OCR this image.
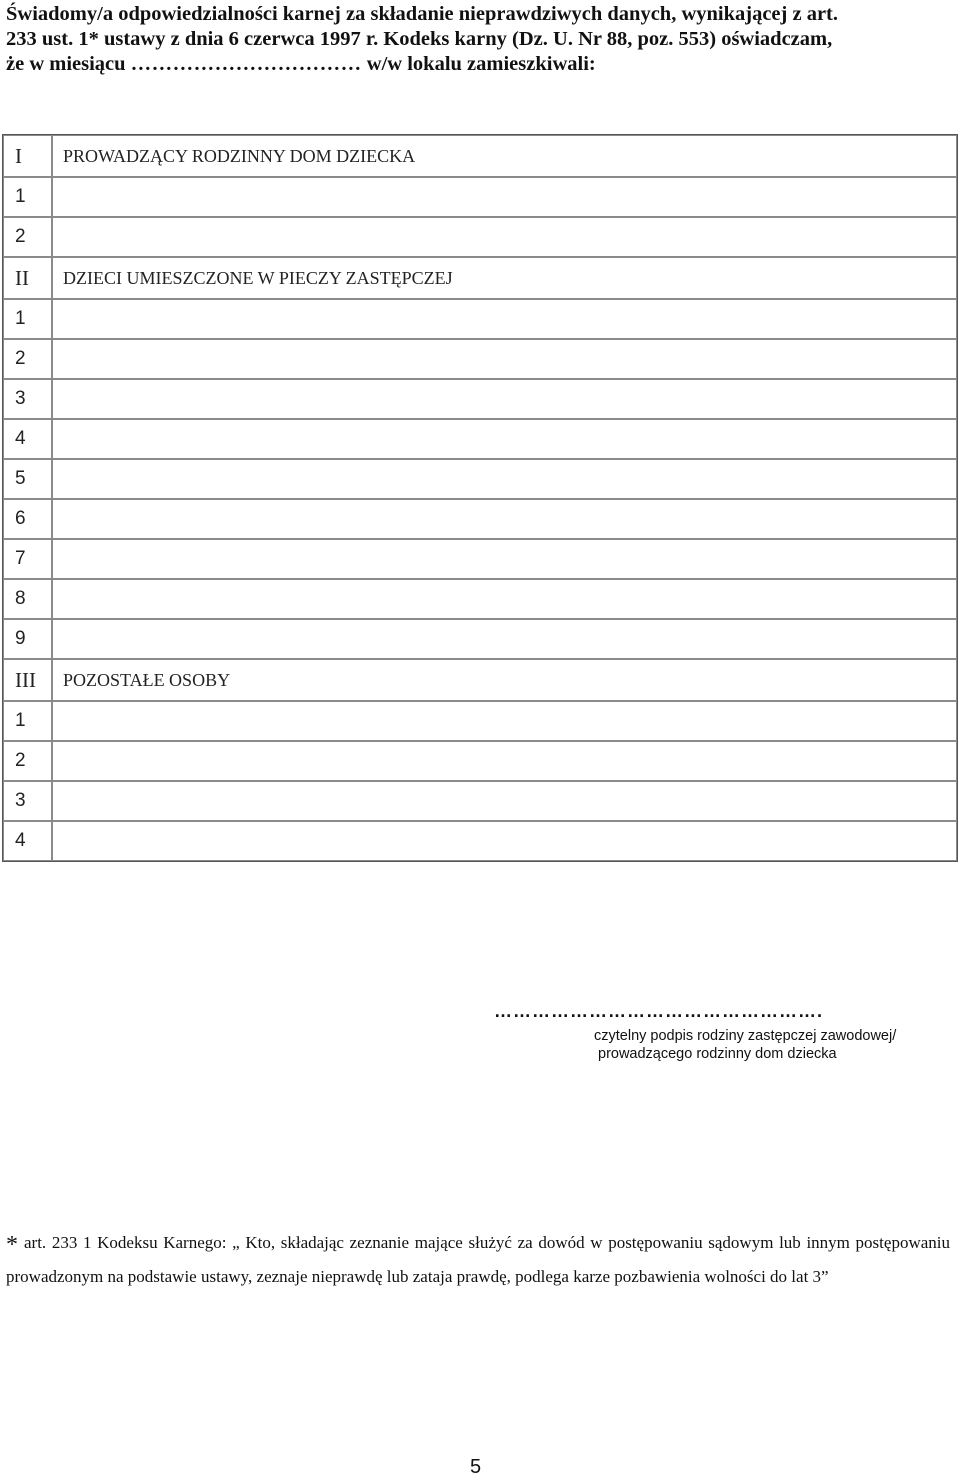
Świadomy/a odpowiedzialności karnej za składanie nieprawdziwych danych, wynikającej z art.
233 ust. 1* ustawy z dnia 6 czerwca 1997 r. Kodeks karny (Dz. U. Nr 88, poz. 553) oświadczam,
że w miesiącu …………………………… w/w lokalu zamieszkiwali:
I	PROWADZĄCY RODZINNY DOM DZIECKA
1	
2	
II	DZIECI UMIESZCZONE W PIECZY ZASTĘPCZEJ
1	
2	
3	
4	
5	
6	
7	
8	
9	
III	POZOSTAŁE OSOBY
1	
2	
3	
4	
…………………………………………….
czytelny podpis rodziny zastępczej zawodowej/
prowadzącego rodzinny dom dziecka
* art. 233 1 Kodeksu Karnego: „ Kto, składając zeznanie mające służyć za dowód w postępowaniu sądowym lub innym postępowaniu prowadzonym na podstawie ustawy, zeznaje nieprawdę lub zataja prawdę, podlega karze pozbawienia wolności do lat 3”
5
